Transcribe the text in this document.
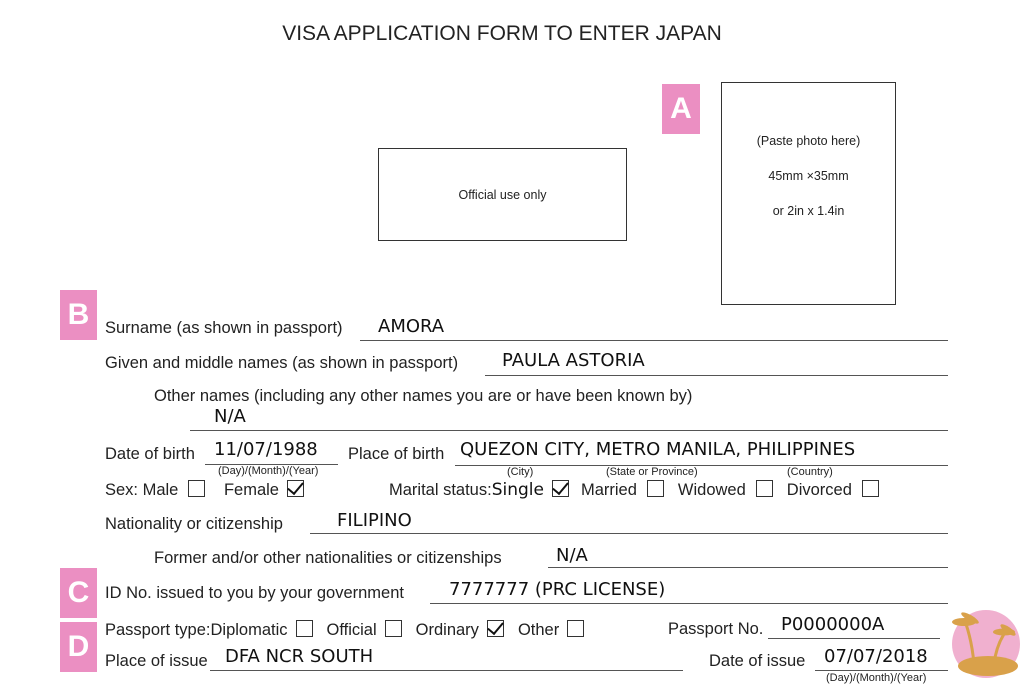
VISA APPLICATION FORM TO ENTER JAPAN
Official use only
A
(Paste photo here)
45mm ×35mm
or 2in x 1.4in
B
C
D
Surname (as shown in passport) AMORA
Given and middle names (as shown in passport) PAULA ASTORIA
Other names (including any other names you are or have been known by)
N/A
Date of birth 11/07/1988
(Day)/(Month)/(Year)
Place of birth QUEZON CITY, METRO MANILA, PHILIPPINES
(City)	(State or Province)	(Country)
Sex: Male	Female	Marital status:Single Married Widowed Divorced
Nationality or citizenship	FILIPINO
Former and/or other nationalities or citizenships	N/A
ID No. issued to you by your government	7777777 (PRC LICENSE)
Passport type:Diplomatic Official Ordinary Other	Passport No. P0000000A
Place of issue DFA NCR SOUTH	Date of issue 07/07/2018
(Day)/(Month)/(Year)
